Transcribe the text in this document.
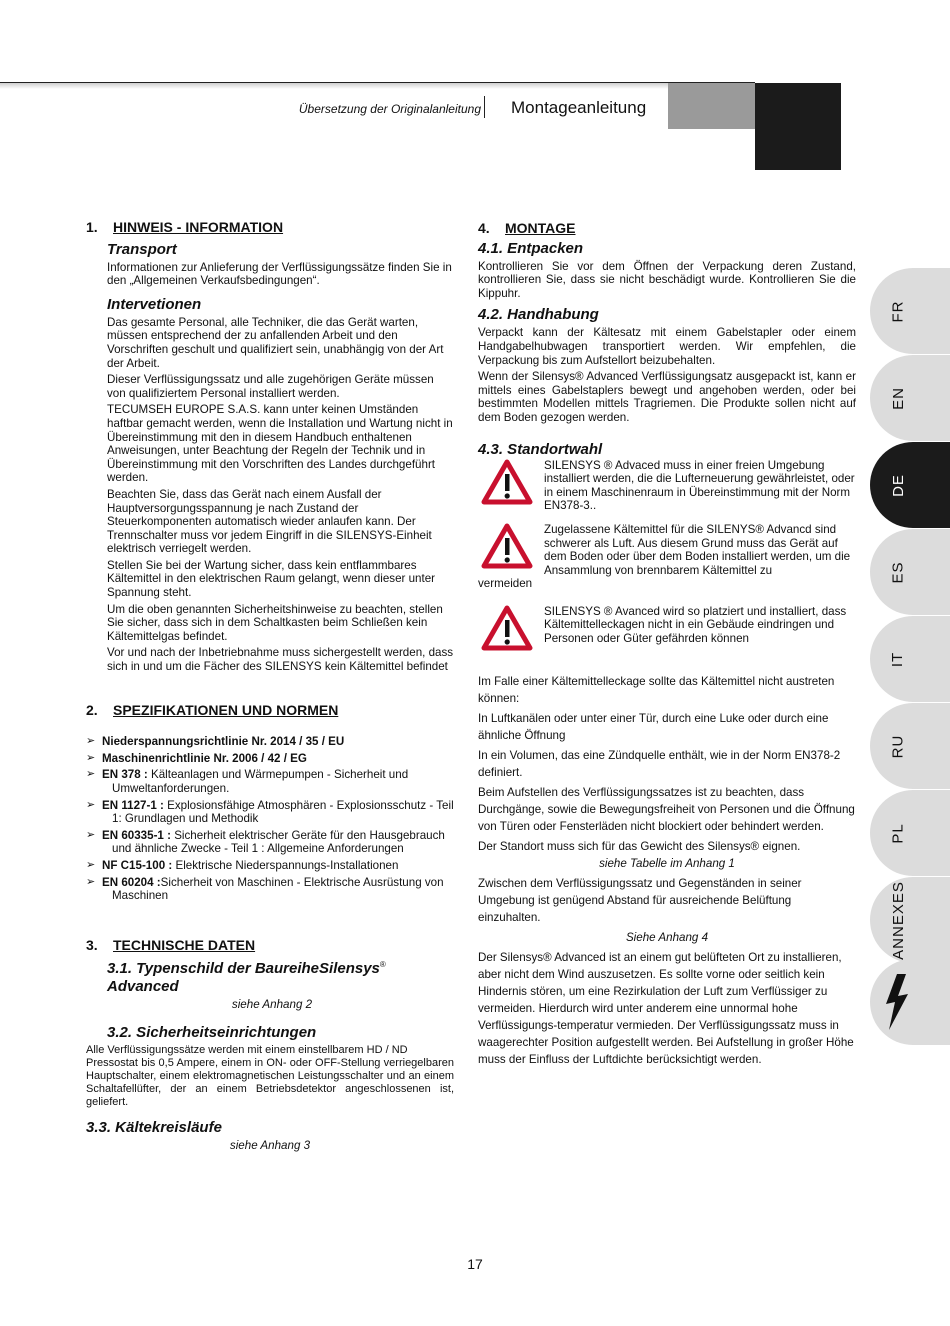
Übersetzung der Originalanleitung Montageanleitung
1.	HINWEIS - INFORMATION
Transport

Informationen zur Anlieferung der Verflüssigungssätze finden Sie in den „Allgemeinen Verkaufsbedingungen“.

Intervetionen

Das gesamte Personal, alle Techniker, die das Gerät warten, müssen entsprechend der zu anfallenden Arbeit und den Vorschriften geschult und qualifiziert sein, unabhängig von der Art der Arbeit.

Dieser Verflüssigungssatz und alle zugehörigen Geräte müssen von qualifiziertem Personal installiert werden.

TECUMSEH EUROPE S.A.S. kann unter keinen Umständen haftbar gemacht werden, wenn die Installation und Wartung nicht in Übereinstimmung mit den in diesem Handbuch enthaltenen Anweisungen, unter Beachtung der Regeln der Technik und in Übereinstimmung mit den Vorschriften des Landes durchgeführt werden.

Beachten Sie, dass das Gerät nach einem Ausfall der Hauptversorgungsspannung je nach Zustand der Steuerkomponenten automatisch wieder anlaufen kann. Der Trennschalter muss vor jedem Eingriff in die SILENSYS-Einheit elektrisch verriegelt werden.

Stellen Sie bei der Wartung sicher, dass kein entflammbares Kältemittel in den elektrischen Raum gelangt, wenn dieser unter Spannung steht.

Um die oben genannten Sicherheitshinweise zu beachten, stellen Sie sicher, dass sich in dem Schaltkasten beim Schließen kein Kältemittelgas befindet.

Vor und nach der Inbetriebnahme muss sichergestellt werden, dass sich in und um die Fächer des SILENSYS kein Kältemittel befindet

2.	SPEZIFIKATIONEN UND NORMEN
➢ Niederspannungsrichtlinie Nr. 2014 / 35 / EU
➢ Maschinenrichtlinie Nr. 2006 / 42 / EG
➢ EN 378 : Kälteanlagen und Wärmepumpen - Sicherheit und Umweltanforderungen.
➢ EN 1127-1 : Explosionsfähige Atmosphären - Explosionsschutz - Teil 1: Grundlagen und Methodik
➢ EN 60335-1 : Sicherheit elektrischer Geräte für den Hausgebrauch und ähnliche Zwecke - Teil 1 : Allgemeine Anforderungen
➢ NF C15-100 : Elektrische Niederspannungs-Installationen
➢ EN 60204 :Sicherheit von Maschinen - Elektrische Ausrüstung von Maschinen
3.	TECHNISCHE DATEN
3.1. Typenschild der BaureiheSilensys® Advanced
siehe Anhang 2
3.2. Sicherheitseinrichtungen

Alle Verflüssigungssätze werden mit einem einstellbarem HD / ND

Pressostat bis 0,5 Ampere, einem in ON- oder OFF-Stellung verriegelbaren Hauptschalter, einem elektromagnetischen Leistungsschalter und an einem Schaltafellüfter, der an einem Betriebsdetektor angeschlossenen ist, geliefert.

3.3. Kältekreisläufe
siehe Anhang 3
4.	MONTAGE
4.1. Entpacken

Kontrollieren Sie vor dem Öffnen der Verpackung deren Zustand, kontrollieren Sie, dass sie nicht beschädigt wurde. Kontrollieren Sie die Kippuhr.

4.2. Handhabung

Verpackt kann der Kältesatz mit einem Gabelstapler oder einem Handgabelhubwagen transportiert werden. Wir empfehlen, die Verpackung bis zum Aufstellort beizubehalten.

Wenn der Silensys® Advanced Verflüssigungsatz ausgepackt ist, kann er mittels eines Gabelstaplers bewegt und angehoben werden, oder bei bestimmten Modellen mittels Tragriemen. Die Produkte sollen nicht auf dem Boden gezogen werden.

4.3. Standortwahl
SILENSYS ® Advaced muss in einer freien Umgebung installiert werden, die die Lufterneuerung gewährleistet, oder in einem Maschinenraum in Übereinstimmung mit der Norm EN378-3..
Zugelassene Kältemittel für die SILENYS® Advancd sind schwerer als Luft. Aus diesem Grund muss das Gerät auf dem Boden oder über dem Boden installiert werden, um die Ansammlung von brennbarem Kältemittel zu
vermeiden
SILENSYS ® Avanced wird so platziert und installiert, dass Kältemittelleckagen nicht in ein Gebäude eindringen und Personen oder Güter gefährden können

Im Falle einer Kältemittelleckage sollte das Kältemittel nicht austreten können:

In Luftkanälen oder unter einer Tür, durch eine Luke oder durch eine ähnliche Öffnung

In ein Volumen, das eine Zündquelle enthält, wie in der Norm EN378-2 definiert.

Beim Aufstellen des Verflüssigungssatzes ist zu beachten, dass Durchgänge, sowie die Bewegungsfreiheit von Personen und die Öffnung von Türen oder Fensterläden nicht blockiert oder behindert werden.

Der Standort muss sich für das Gewicht des Silensys® eignen.

siehe Tabelle im Anhang 1

Zwischen dem Verflüssigungssatz und Gegenständen in seiner Umgebung ist genügend Abstand für ausreichende Belüftung einzuhalten.

Siehe Anhang 4

Der Silensys® Advanced ist an einem gut belüfteten Ort zu installieren, aber nicht dem Wind auszusetzen. Es sollte vorne oder seitlich kein Hindernis stören, um eine Rezirkulation der Luft zum Verflüssiger zu vermeiden. Hierdurch wird unter anderem eine unnormal hohe Verflüssigungs-temperatur vermieden. Der Verflüssigungssatz muss in waagerechter Position aufgestellt werden. Bei Aufstellung in großer Höhe muss der Einfluss der Luftdichte berücksichtigt werden.

FR
EN
DE
ES
IT
RU
PL
ANNEXES
17
